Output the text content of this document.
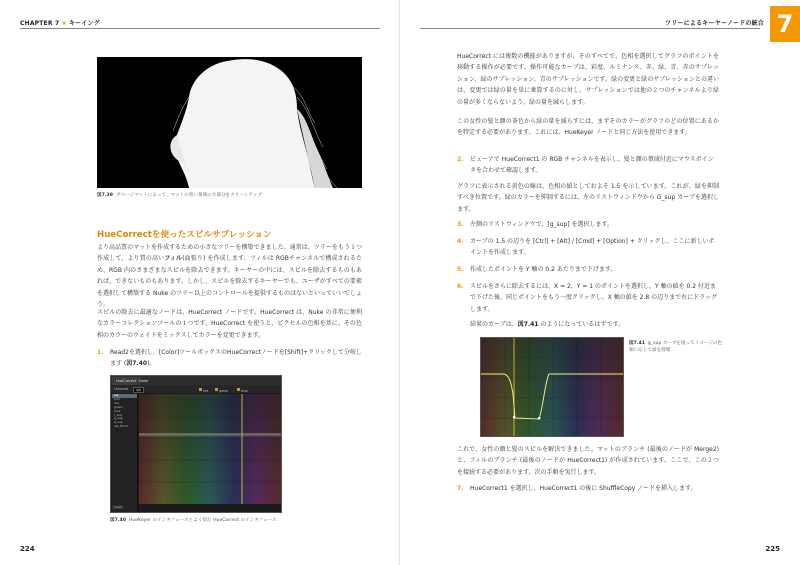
CHAPTER 7 ★ キーイング
図7.39 ガベージマットによって、マットの黒い領域の大部分をクリーンアップ
HueCorrectを使ったスピルサプレッション
より高品質のマットを作成するための小さなツリーを構築できました。通常は、ツリーをもう１つ作成して、より質の高いフィル(面張り) を作成します。フィルは RGBチャンネルで構成されるため、RGB 内のさまざまなスピルを除去できます。キーヤーの中には、スピルを除去するものもあれば、できないものもあります。しかし、スピルを除去するキーヤーでも、ユーザがすべての要素を選択して構築する Nuke のツリー以上のコントロールを提供するものはないといっていいでしょう。
スピルの除去に最適なノードは、HueCorrect ノードです。HueCorrect は、Nuke の非常に便利なカラーコレクションツールの１つです。HueCorrect を使うと、ピクセルの色相を基に、その色相のカラーのウェイトをミックスしてカラーを変更できます。
1. Read2を選択し、[Color]ツールボックスのHueCorrectノードを[Shift]+クリックして分岐します (図7.40)。
HueCorrect Node
channels	rgb	red	green	blue
sat
lum
red
green
blue
r_sup
g_sup
b_sup
sat_thrsh
reset
図7.40 HueKeyer のインタフェースとよく似た HueCorrect のインタフェース
224
ツリーによるキーヤーノードの統合 7
HueCorrect には複数の機能がありますが、そのすべてで、色相を選択してグラフのポイントを移動する操作が必要です。操作可能なカーブは、彩度、ルミナンス、赤、緑、青、赤のサプレッション、緑のサプレッション、青のサプレッションです。緑の変更と緑のサプレッションとの違いは、変更では緑の量を単に乗算するのに対し、サプレッションでは他の２つのチャンネルより緑の量が多くならないよう、緑の量を減らします。
この女性の髪と顔の茶色から緑の量を減らすには、まずそのカラーがグラフのどの位置にあるかを特定する必要があります。これには、HueKeyer ノードと同じ方法を使用できます。
2. ビューアで HueCorrect1 の RGB チャンネルを表示し、髪と顔の領域付近にマウスポインタを合わせて確認します。
グラフに表示される黄色の線は、色相の値としておよそ 1.5 を示しています。これが、緑を抑制すべき位置です。緑のカラーを抑制するには、左のリストウィンドウから G_sup カーブを選択します。
3. 左側のリストウィンドウで、[g_sup] を選択します。
4. カーブの 1.5 の辺りを [Ctrl] + [Alt] / [Cmd] + [Option] + クリックし、ここに新しいポイントを作成します。
5. 作成したポイントを Y 軸の 0.2 あたりまで下げます。
6. スピルをさらに除去するには、X = 2、Y = 1 のポイントを選択し、Y 軸の値を 0.2 付近まで下げた後、同じポイントをもう一度クリックし、X 軸の値を 2.8 の辺りまで右にドラッグします。
結果のカーブは、図7.41 のようになっているはずです。
図7.41 g_sup カーブを扱ってイメージの色相に応じて緑を抑制
これで、女性の顔と髪のスピルを解決できました。マットのブランチ (最後のノードが Merge2) と、フィルのブランチ (最後のノードが HueCorrect1) が作成されています。ここで、この２つを接続する必要があります。次の手順を実行します。
7. HueCorrect1 を選択し、HueCorrect1 の後に ShuffleCopy ノードを挿入します。
225
